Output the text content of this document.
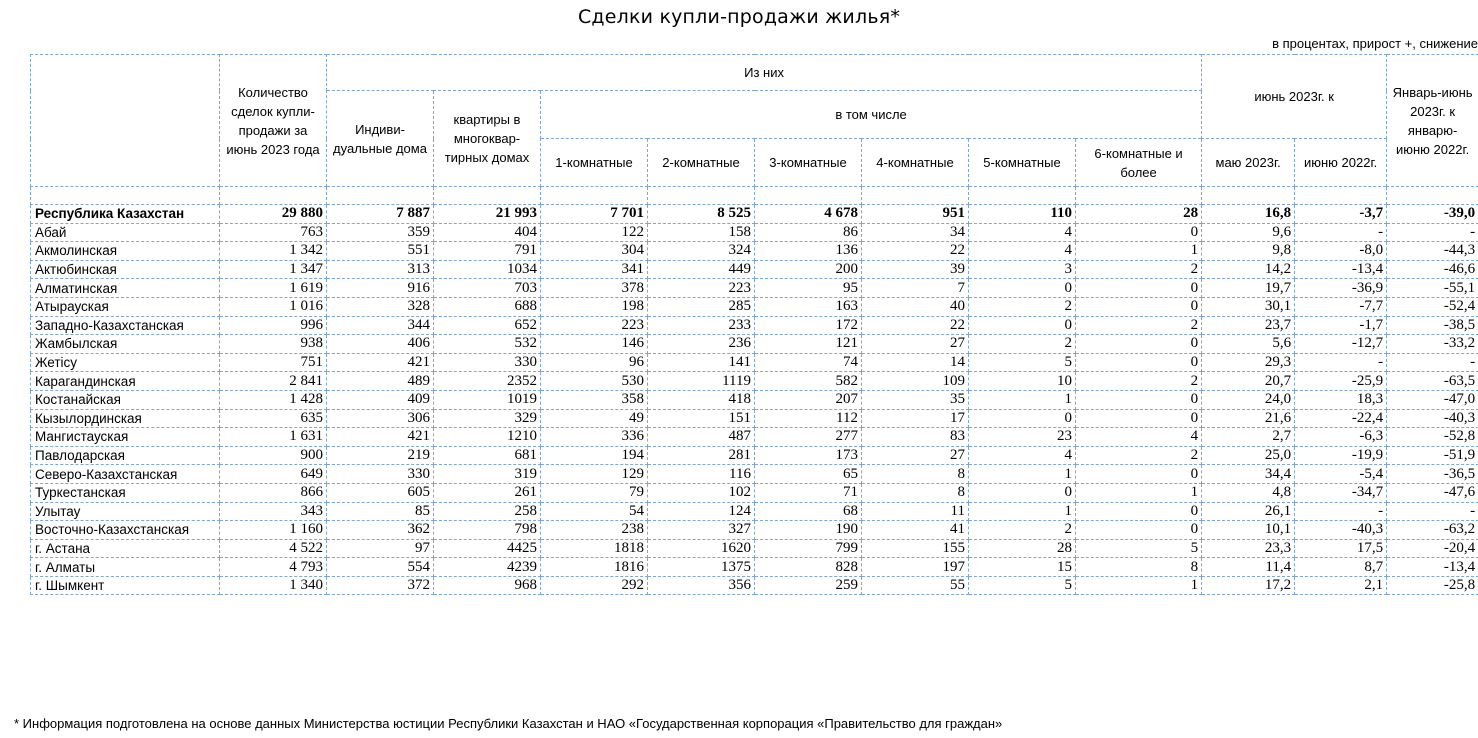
Сделки купли-продажи жилья*
в процентах, прирост +, снижение
	Количество сделок купли-продажи за июнь 2023 года	Из них								июнь 2023г. к		Январь-июнь 2023г. к январю-июню 2022г.
		Индиви-дуальные дома	квартиры в многоквар-тирных домах	в том числе								
				1-комнатные	2-комнатные	3-комнатные	4-комнатные	5-комнатные	6-комнатные и более	маю 2023г.	июню 2022г.	

Республика Казахстан	29 880	7 887	21 993	7 701	8 525	4 678	951	110	28	16,8	-3,7	-39,0
Абай	763	359	404	122	158	86	34	4	0	9,6	-	-
Акмолинская	1 342	551	791	304	324	136	22	4	1	9,8	-8,0	-44,3
Актюбинская	1 347	313	1034	341	449	200	39	3	2	14,2	-13,4	-46,6
Алматинская	1 619	916	703	378	223	95	7	0	0	19,7	-36,9	-55,1
Атырауская	1 016	328	688	198	285	163	40	2	0	30,1	-7,7	-52,4
Западно-Казахстанская	996	344	652	223	233	172	22	0	2	23,7	-1,7	-38,5
Жамбылская	938	406	532	146	236	121	27	2	0	5,6	-12,7	-33,2
Жетісу	751	421	330	96	141	74	14	5	0	29,3	-	-
Карагандинская	2 841	489	2352	530	1119	582	109	10	2	20,7	-25,9	-63,5
Костанайская	1 428	409	1019	358	418	207	35	1	0	24,0	18,3	-47,0
Кызылординская	635	306	329	49	151	112	17	0	0	21,6	-22,4	-40,3
Мангистауская	1 631	421	1210	336	487	277	83	23	4	2,7	-6,3	-52,8
Павлодарская	900	219	681	194	281	173	27	4	2	25,0	-19,9	-51,9
Северо-Казахстанская	649	330	319	129	116	65	8	1	0	34,4	-5,4	-36,5
Туркестанская	866	605	261	79	102	71	8	0	1	4,8	-34,7	-47,6
Улытау	343	85	258	54	124	68	11	1	0	26,1	-	-
Восточно-Казахстанская	1 160	362	798	238	327	190	41	2	0	10,1	-40,3	-63,2
г. Астана	4 522	97	4425	1818	1620	799	155	28	5	23,3	17,5	-20,4
г. Алматы	4 793	554	4239	1816	1375	828	197	15	8	11,4	8,7	-13,4
г. Шымкент	1 340	372	968	292	356	259	55	5	1	17,2	2,1	-25,8
* Информация подготовлена на основе данных Министерства юстиции Республики Казахстан и НАО «Государственная корпорация «Правительство для граждан»
